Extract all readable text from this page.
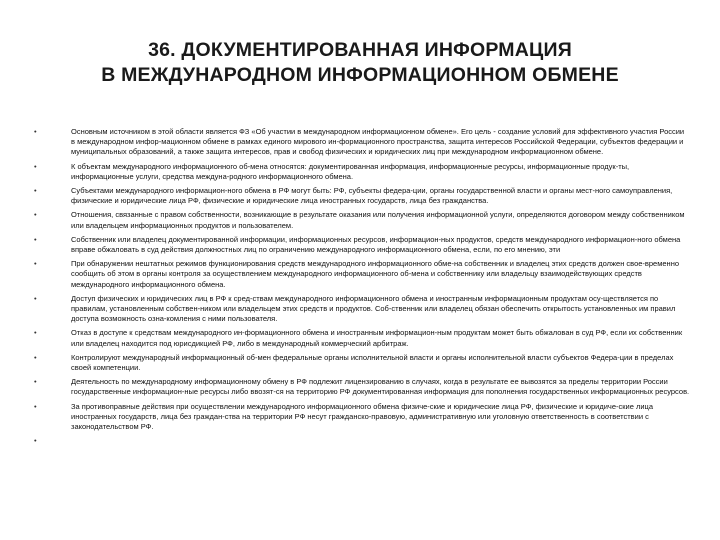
36. ДОКУМЕНТИРОВАННАЯ ИНФОРМАЦИЯ
В МЕЖДУНАРОДНОМ ИНФОРМАЦИОННОМ ОБМЕНЕ
•	Основным источником в этой области является ФЗ «Об участии в международном информационном обмене». Его цель - создание условий для эффективного участия России в международном инфор-мационном обмене в рамках единого мирового ин-формационного пространства, защита интересов Российской Федерации, субъектов федерации и муниципальных образований, а также защита интересов, прав и свобод физических и юридических лиц при международном информационном обмене.
•	К объектам международного информационного об-мена относятся: документированная информация, информационные ресурсы, информационные продук-ты, информационные услуги, средства междуна-родного информационного обмена.
•	Субъектами международного информацион-ного обмена в РФ могут быть: РФ, субъекты федера-ции, органы государственной власти и органы мест-ного самоуправления, физические и юридические лица РФ, физические и юридические лица иностранных государств, лица без гражданства.
•	Отношения, связанные с правом собственности, возникающие в результате оказания или получения информационной услуги, определяются договором между собственником или владельцем информационных продуктов и пользователем.
•	Собственник или владелец документированной информации, информационных ресурсов, информацион-ных продуктов, средств международного информацион-ного обмена вправе обжаловать в суд действия должностных лиц по ограничению международного информационного обмена, если, по его мнению, эти
•	При обнаружении нештатных режимов функционирования средств международного информационного обме-на собственник и владелец этих средств должен свое-временно сообщить об этом в органы контроля за осуществлением международного информационного об-мена и собственнику или владельцу взаимодействующих средств международного информационного обмена.
•	Доступ физических и юридических лиц в РФ к сред-ствам международного информационного обмена и иностранным информационным продуктам осу-ществляется по правилам, установленным собствен-ником или владельцем этих средств и продуктов. Соб-ственник или владелец обязан обеспечить открытость установленных им правил доступа возможность озна-комления с ними пользователя.
•	Отказ в доступе к средствам международного ин-формационного обмена и иностранным информацион-ным продуктам может быть обжалован в суд РФ, если их собственник или владелец находится под юрисдикцией РФ, либо в международный коммерческий арбитраж.
•	Контролируют международный информационный об-мен федеральные органы исполнительной власти и органы исполнительной власти субъектов Федера-ции в пределах своей компетенции.
•	Деятельность по международному информационному обмену в РФ подлежит лицензированию в случаях, когда в результате ее вывозятся за пределы территории России государственные информацион-ные ресурсы либо ввозят-ся на территорию РФ документированная информация для пополнения государственных информационных ресурсов.
•	За противоправные действия при осуществлении международного информационного обмена физиче-ские и юридические лица РФ, физические и юридиче-ские лица иностранных государств, лица без граждан-ства на территории РФ несут гражданско-правовую, административную или уголовную ответственность в соответствии с законодательством РФ.
•
